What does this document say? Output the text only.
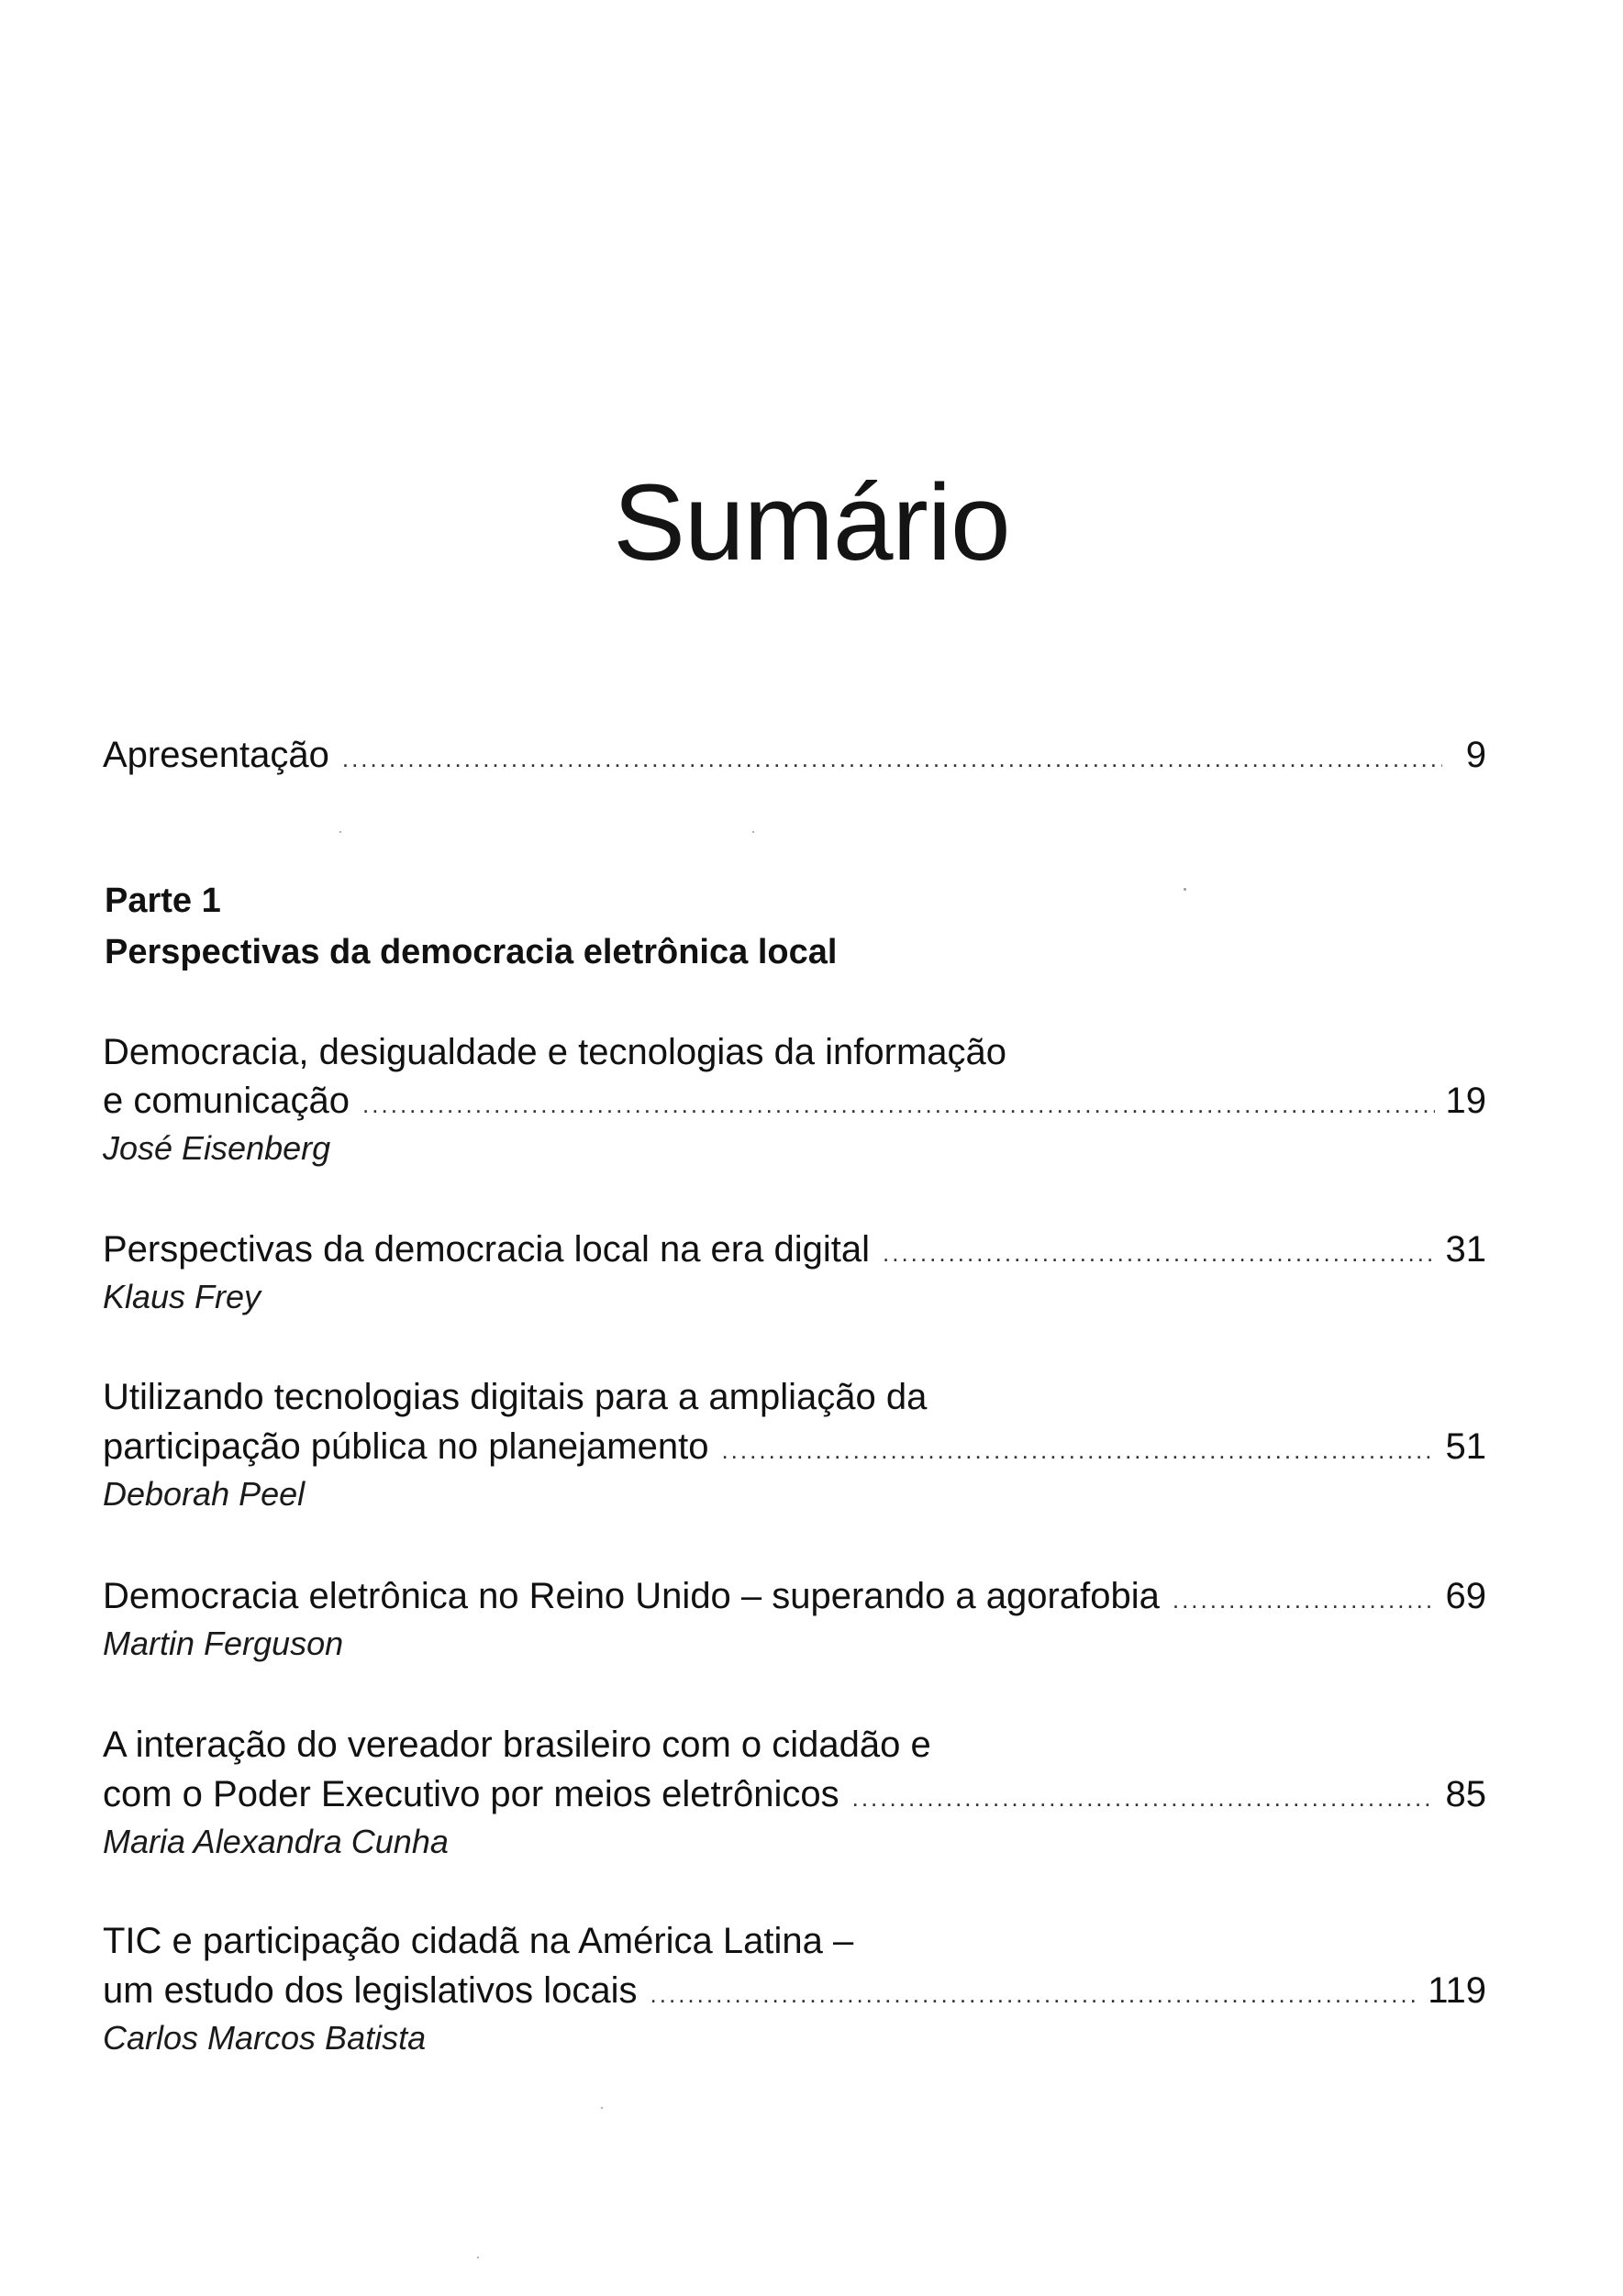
Sumário
Apresentação .....	9
Parte 1
Perspectivas da democracia eletrônica local
Democracia, desigualdade e tecnologias da informação
e comunicação .....	19
José Eisenberg
Perspectivas da democracia local na era digital .....	31
Klaus Frey
Utilizando tecnologias digitais para a ampliação da
participação pública no planejamento .....	51
Deborah Peel
Democracia eletrônica no Reino Unido – superando a agorafobia .....	69
Martin Ferguson
A interação do vereador brasileiro com o cidadão e
com o Poder Executivo por meios eletrônicos .....	85
Maria Alexandra Cunha
TIC e participação cidadã na América Latina –
um estudo dos legislativos locais .....	119
Carlos Marcos Batista
